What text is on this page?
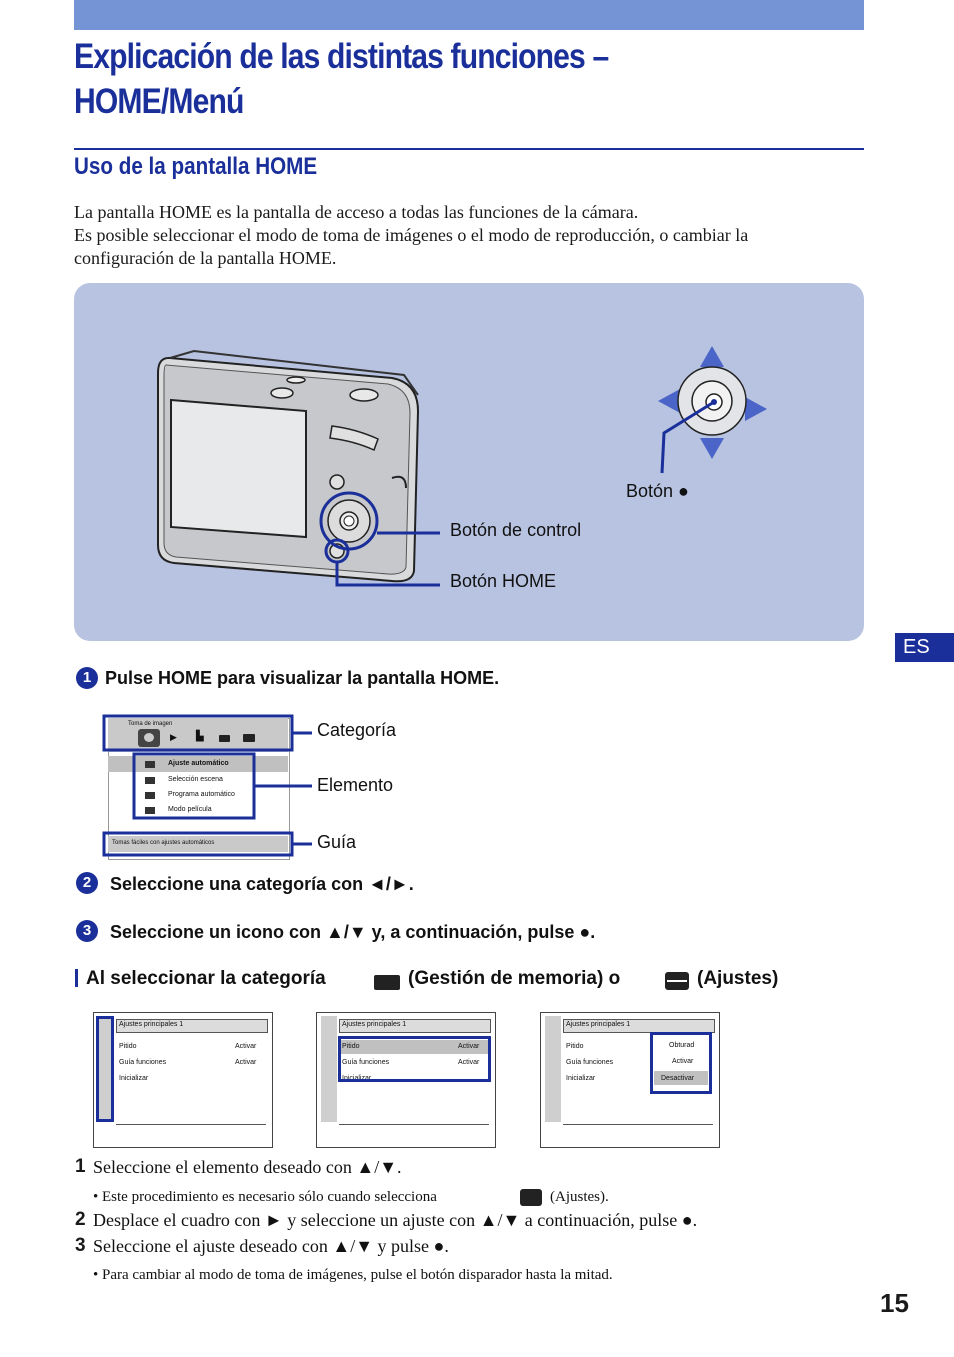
Explicación de las distintas funciones –
HOME/Menú
Uso de la pantalla HOME
La pantalla HOME es la pantalla de acceso a todas las funciones de la cámara.
Es posible seleccionar el modo de toma de imágenes o el modo de reproducción, o cambiar la
configuración de la pantalla HOME.
Botón ●
Botón de control
Botón HOME
ES
1 Pulse HOME para visualizar la pantalla HOME.
Toma de imagen
▶ ▙
Ajuste automático
Selección escena
Programa automático
Modo película
Tomas fáciles con ajustes automáticos
Categoría
Elemento
Guía
2	Seleccione una categoría con ◄/►.
3	Seleccione un icono con ▲/▼ y, a continuación, pulse ●.
Al seleccionar la categoría	(Gestión de memoria) o	(Ajustes)
Ajustes principales 1
Pitido	Activar
Guía funciones	Activar
Inicializar
Ajustes principales 1
Pitido	Activar
Guía funciones	Activar
Inicializar
Ajustes principales 1
Pitido
Guía funciones
Inicializar
Obturad
Activar
Desactivar
1 Seleccione el elemento deseado con ▲/▼.
• Este procedimiento es necesario sólo cuando selecciona	(Ajustes).
2 Desplace el cuadro con ► y seleccione un ajuste con ▲/▼ a continuación, pulse ●.
3 Seleccione el ajuste deseado con ▲/▼ y pulse ●.
• Para cambiar al modo de toma de imágenes, pulse el botón disparador hasta la mitad.
15
